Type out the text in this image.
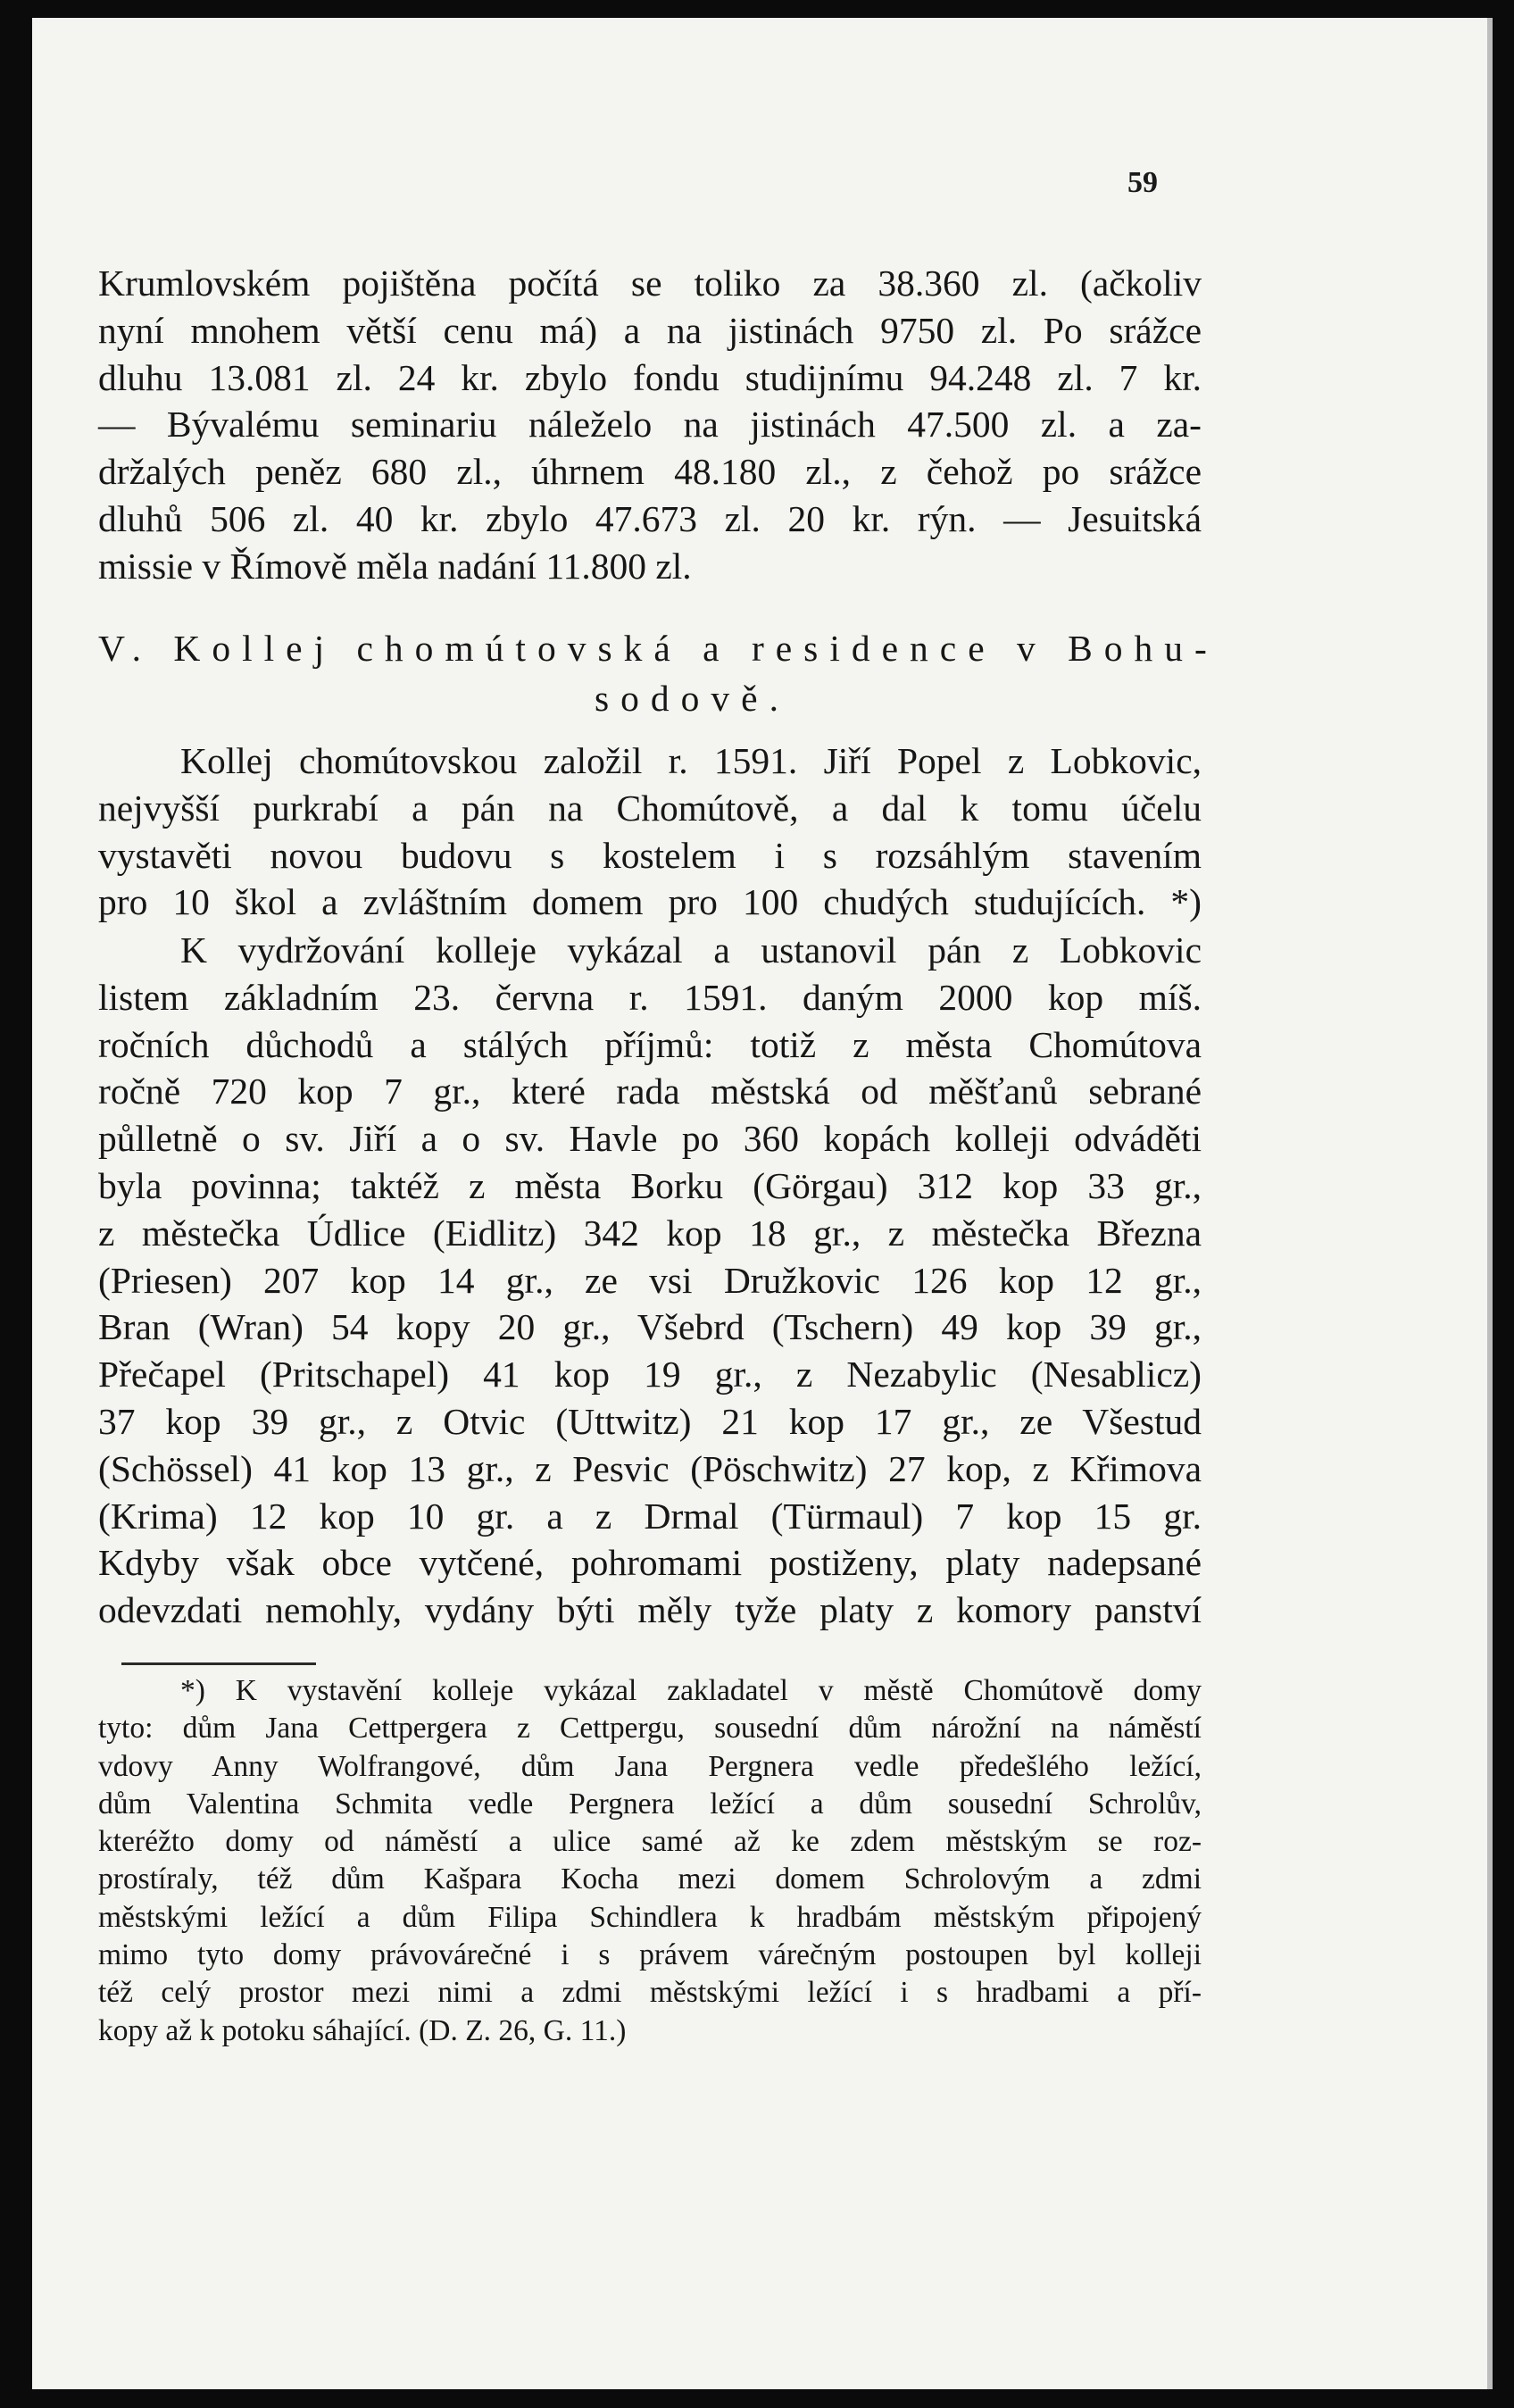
59
Krumlovském pojištěna počítá se toliko za 38.360 zl. (ačkoliv
nyní mnohem větší cenu má) a na jistinách 9750 zl. Po srážce
dluhu 13.081 zl. 24 kr. zbylo fondu studijnímu 94.248 zl. 7 kr.
— Bývalému seminariu náleželo na jistinách 47.500 zl. a za-
držalých peněz 680 zl., úhrnem 48.180 zl., z čehož po srážce
dluhů 506 zl. 40 kr. zbylo 47.673 zl. 20 kr. rýn. — Jesuitská
missie v Římově měla nadání 11.800 zl.
V. Kollej chomútovská a residence v Bohu-
sodově.
Kollej chomútovskou založil r. 1591. Jiří Popel z Lobkovic,
nejvyšší purkrabí a pán na Chomútově, a dal k tomu účelu
vystavěti novou budovu s kostelem i s rozsáhlým stavením
pro 10 škol a zvláštním domem pro 100 chudých studujících. *)
K vydržování kolleje vykázal a ustanovil pán z Lobkovic
listem základním 23. června r. 1591. daným 2000 kop míš.
ročních důchodů a stálých příjmů: totiž z města Chomútova
ročně 720 kop 7 gr., které rada městská od měšťanů sebrané
půlletně o sv. Jiří a o sv. Havle po 360 kopách kolleji odváděti
byla povinna; taktéž z města Borku (Görgau) 312 kop 33 gr.,
z městečka Údlice (Eidlitz) 342 kop 18 gr., z městečka Března
(Priesen) 207 kop 14 gr., ze vsi Družkovic 126 kop 12 gr.,
Bran (Wran) 54 kopy 20 gr., Všebrd (Tschern) 49 kop 39 gr.,
Přečapel (Pritschapel) 41 kop 19 gr., z Nezabylic (Nesablicz)
37 kop 39 gr., z Otvic (Uttwitz) 21 kop 17 gr., ze Všestud
(Schössel) 41 kop 13 gr., z Pesvic (Pöschwitz) 27 kop, z Křimova
(Krima) 12 kop 10 gr. a z Drmal (Türmaul) 7 kop 15 gr.
Kdyby však obce vytčené, pohromami postiženy, platy nadepsané
odevzdati nemohly, vydány býti měly tyže platy z komory panství
*) K vystavění kolleje vykázal zakladatel v městě Chomútově domy
tyto: dům Jana Cettpergera z Cettpergu, sousední dům nárožní na náměstí
vdovy Anny Wolfrangové, dům Jana Pergnera vedle předešlého ležící,
dům Valentina Schmita vedle Pergnera ležící a dům sousední Schrolův,
kteréžto domy od náměstí a ulice samé až ke zdem městským se roz-
prostíraly, též dům Kašpara Kocha mezi domem Schrolovým a zdmi
městskými ležící a dům Filipa Schindlera k hradbám městským připojený
mimo tyto domy právovárečné i s právem várečným postoupen byl kolleji
též celý prostor mezi nimi a zdmi městskými ležící i s hradbami a pří-
kopy až k potoku sáhající. (D. Z. 26, G. 11.)
